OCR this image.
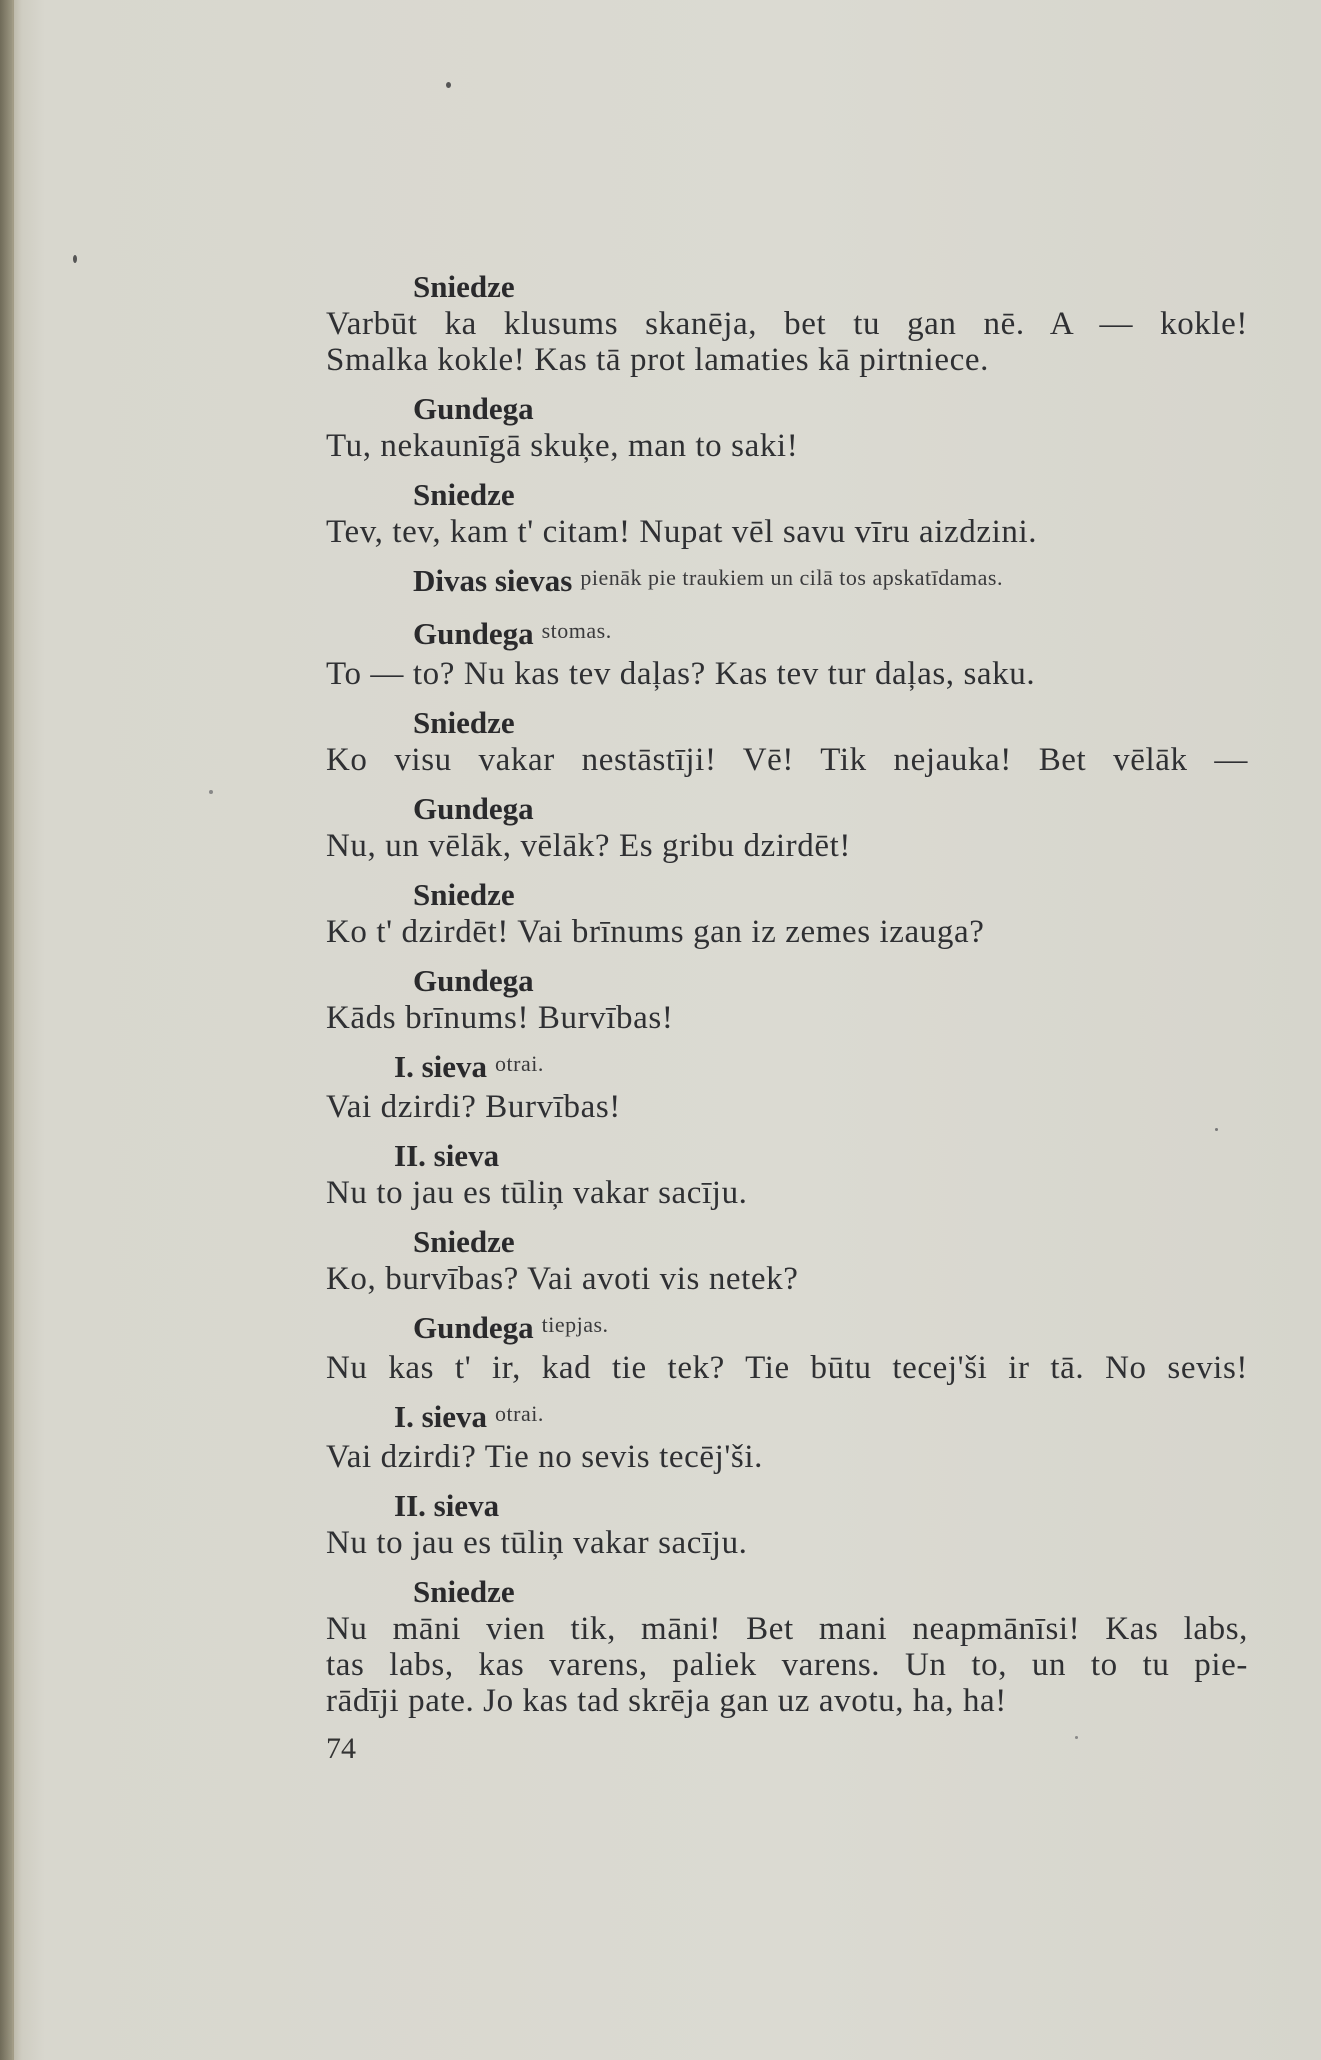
Sniedze
Varbūt ka klusums skanēja, bet tu gan nē. A — kokle!
Smalka kokle! Kas tā prot lamaties kā pirtniece.
Gundega
Tu, nekaunīgā skuķe, man to saki!
Sniedze
Tev, tev, kam t' citam! Nupat vēl savu vīru aizdzini.
Divas sievas pienāk pie traukiem un cilā tos apskatīdamas.
Gundega stomas.
To — to? Nu kas tev daļas? Kas tev tur daļas, saku.
Sniedze
Ko visu vakar nestāstīji! Vē! Tik nejauka! Bet vēlāk —
Gundega
Nu, un vēlāk, vēlāk? Es gribu dzirdēt!
Sniedze
Ko t' dzirdēt! Vai brīnums gan iz zemes izauga?
Gundega
Kāds brīnums! Burvības!
I. sieva otrai.
Vai dzirdi? Burvības!
II. sieva
Nu to jau es tūliņ vakar sacīju.
Sniedze
Ko, burvības? Vai avoti vis netek?
Gundega tiepjas.
Nu kas t' ir, kad tie tek? Tie būtu tecej'ši ir tā. No sevis!
I. sieva otrai.
Vai dzirdi? Tie no sevis tecēj'ši.
II. sieva
Nu to jau es tūliņ vakar sacīju.
Sniedze
Nu māni vien tik, māni! Bet mani neapmānīsi! Kas labs,
tas labs, kas varens, paliek varens. Un to, un to tu pie-
rādīji pate. Jo kas tad skrēja gan uz avotu, ha, ha!
74
